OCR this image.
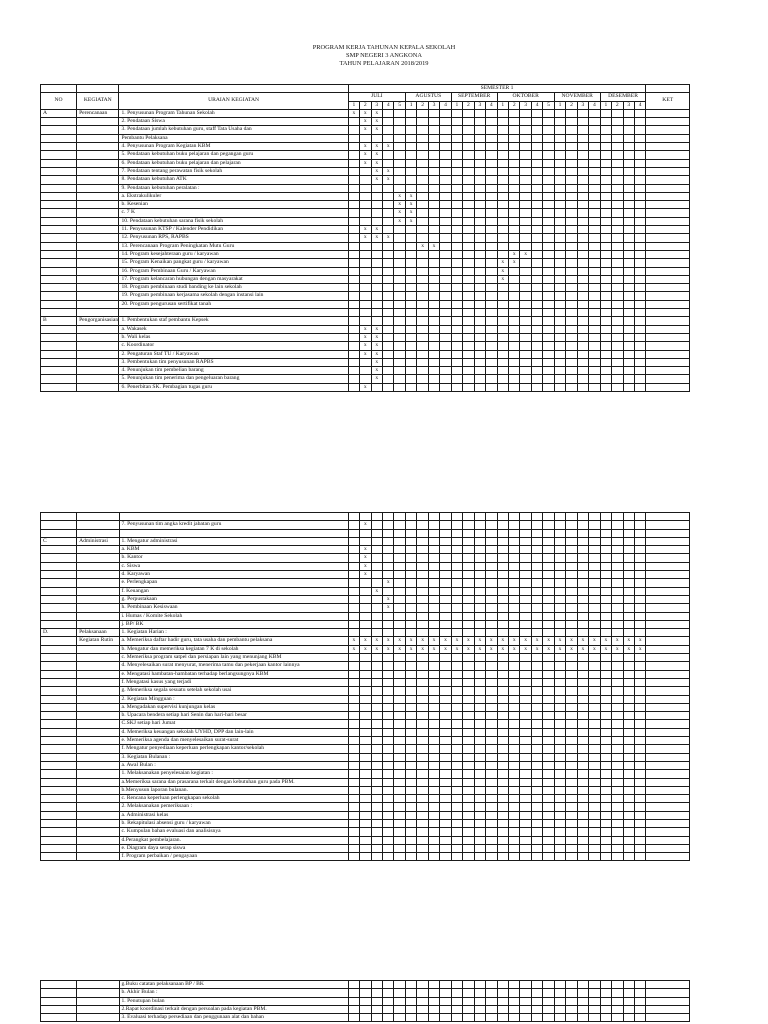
PROGRAM KERJA TAHUNAN KEPALA SEKOLAH
SMP NEGERI 3 ANGKONA
TAHUN PELAJARAN 2018/2019
			SEMESTER 1																										
NO	KEGIATAN	URAIAN KEGIATAN	JULI					AGUSTUS				SEPTEMBER				OKTOBER					NOVEMBER				DESEMBER				KET
			1	2	3	4	5	1	2	3	4	1	2	3	4	1	2	3	4	5	1	2	3	4	1	2	3	4	
A	Perencanaan	1. Penyusunan Program Tahunan Sekolah	x	x	x																								
		2. Pendataan Siswa		x	x																								
		3. Pendataan jumlah kebutuhan guru, staff Tata Usaha dan		x	x																								
		Pembantu Pelaksana																											
		4. Penyusunan Program Kegiatan KBM		x	x	x																							
		5. Pendataan kebutuhan buku pelajaran dan pegangan guru		x	x																								
		6. Pendataan kebutuhan buku pelajaran dan pelajaran		x	x																								
		7. Pendataan tentang perawatan fisik sekolah			x	x																							
		8. Pendataan kebutuhan ATK			x	x																							
		9. Pendataan kebutuhan peralatan :																											
		a. Ekstrakulikuler					x	x																					
		b. Kesenian					x	x																					
		c. 7 K					x	x																					
		10. Pendataan kebutuhan sarana fisik sekolah					x	x																					
		11. Penyusunan KTSP / Kalender Pendidikan		x	x																								
		12. Penyusunan RPS, RAPBS		x	x	x																							
		13. Perencanaan Program Peningkatan Mutu Guru							x	x																			
		14. Program kesejahteraan guru / karyawan															x	x											
		15. Program Kenaikan pangkat guru / karyawan														x	x												
		16. Program Pembinaan Guru / Karyawan														x													
		17. Program kelancaran hubungan dengan masyarakat														x													
		18. Program pembinaan studi banding ke lain sekolah																											
		19. Program pembinaan kerjasama sekolah dengan instansi lain																											
		20. Program pengurusan sertifikat tanah																											

B	Pengorganisasian	1. Pembentukan staf pembantu Kepsek																											
		a. Wakasek		x	x																								
		b. Wali kelas		x	x																								
		c. Koordinator		x	x																								
		2. Pengaturan Staf TU / Karyawan		x	x																								
		3. Pembentukan tim penyusunan RAPBS			x																								
		4. Penunjukan tim pembelian barang			x																								
		5. Penunjukan tim penerima dan pengeluaran barang			x																								
		6. Penerbitan SK. Pembagian tugas guru		x																									

		7. Penyusunan tim angka kredit jabatan guru		x																									

C	Administrasi	1. Mengatur administrasi																											
		a. KBM		x																									
		b. Kantor		x																									
		c. Siswa		x																									
		d. Karyawan		x																									
		e. Perlengkapan				x																							
		f. Keuangan			x																								
		g. Perpustakaan				x																							
		h. Pembinaan Kesiswaan				x																							
		i. Humas / Komite Sekolah																											
		j. BP/ BK																											
D.	Pelaksanaan	1. Kegiatan Harian :																											
	Kegiatan Rutin	a. Memeriksa daftar hadir guru, tata usaha dan pembantu pelaksana	x	x	x	x	x	x	x	x	x	x	x	x	x	x	x	x	x	x	x	x	x	x	x	x	x	x	
		b. Mengatur dan memeriksa kegiatan 7 K di sekolah	x	x	x	x	x	x	x	x	x	x	x	x	x	x	x	x	x	x	x	x	x	x	x	x	x	x	
		c. Memeriksa program satpel dan persiapan lain yang menunjang KBM																											
		d. Menyelesaikan surat menyurat, menerima tamu dan pekerjaan kantor lainnya																											
		e. Mengatasi hambatan-hambatan terhadap berlangsungnya KBM																											
		f. Mengatasi kasus yang terjadi																											
		g. Memeriksa segala sesuatu setelah sekolah usai																											
		2. Kegiatan Mingguan :																											
		a. Mengadakan supervisi kunjungan kelas																											
		b. Upacara bendera setiap hari Senin dan hari-hari besar																											
		C.SKJ setiap hari Jumat																											
		d. Memeriksa keuangan sekolah UYHD, DPP dan lain-lain																											
		e. Memeriksa agenda dan menyelesaikan surat-surat																											
		f. Mengatur penyediaan keperluan perlengkapan kantor/sekolah																											
		3. Kegiatan Bulanan :																											
		a. Awal Bulan :																											
		1. Melaksanakan penyelesaian kegiatan :																											
		a.Memeriksa sarana dan prasarana terkait dengan kebutuhan guru pada PBM.																											
		b.Menyusun laporan bulanan.																											
		c. Rencana keperluan perlengkapan sekolah																											
		2. Melaksanakan pemeriksaan :																											
		a. Administrasi kelas																											
		b. Rekapitulasi absensi guru / karyawan																											
		c. Kumpulan bahan evaluasi dan analisisnya																											
		d.Perangkat pembelajaran.																											
		e. Diagram daya serap siswa																											
		f. Program perbaikan / pengayaan																											
		g.Buku catatan pelaksanaan BP / BK																											
		b. Akhir Bulan :																											
		1. Penutupan bulan																											
		2.Rapat koordinasi terkait dengan persoalan pada kegiatan PBM.																											
		3. Evaluasi terhadap persediaan dan penggunaan alat dan bahan																											
